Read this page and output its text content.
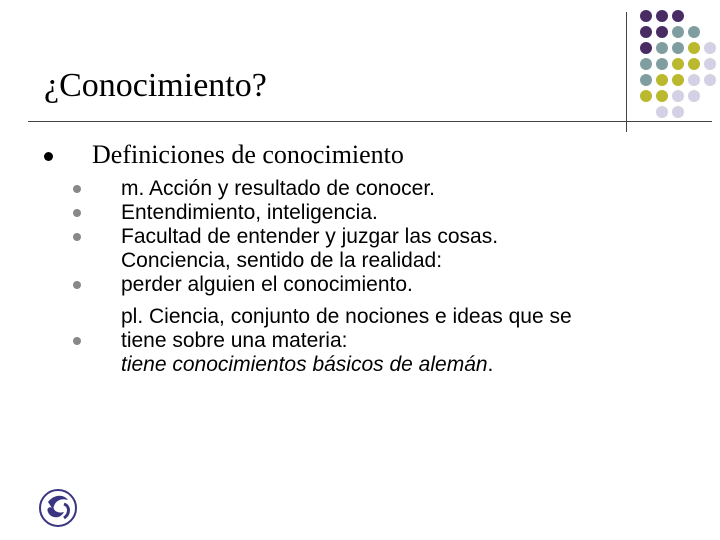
¿Conocimiento?
Definiciones de conocimiento
m. Acción y resultado de conocer.
Entendimiento, inteligencia.
Facultad de entender y juzgar las cosas.
Conciencia, sentido de la realidad:
perder alguien el conocimiento.
pl. Ciencia, conjunto de nociones e ideas que se
tiene sobre una materia:
tiene conocimientos básicos de alemán.
